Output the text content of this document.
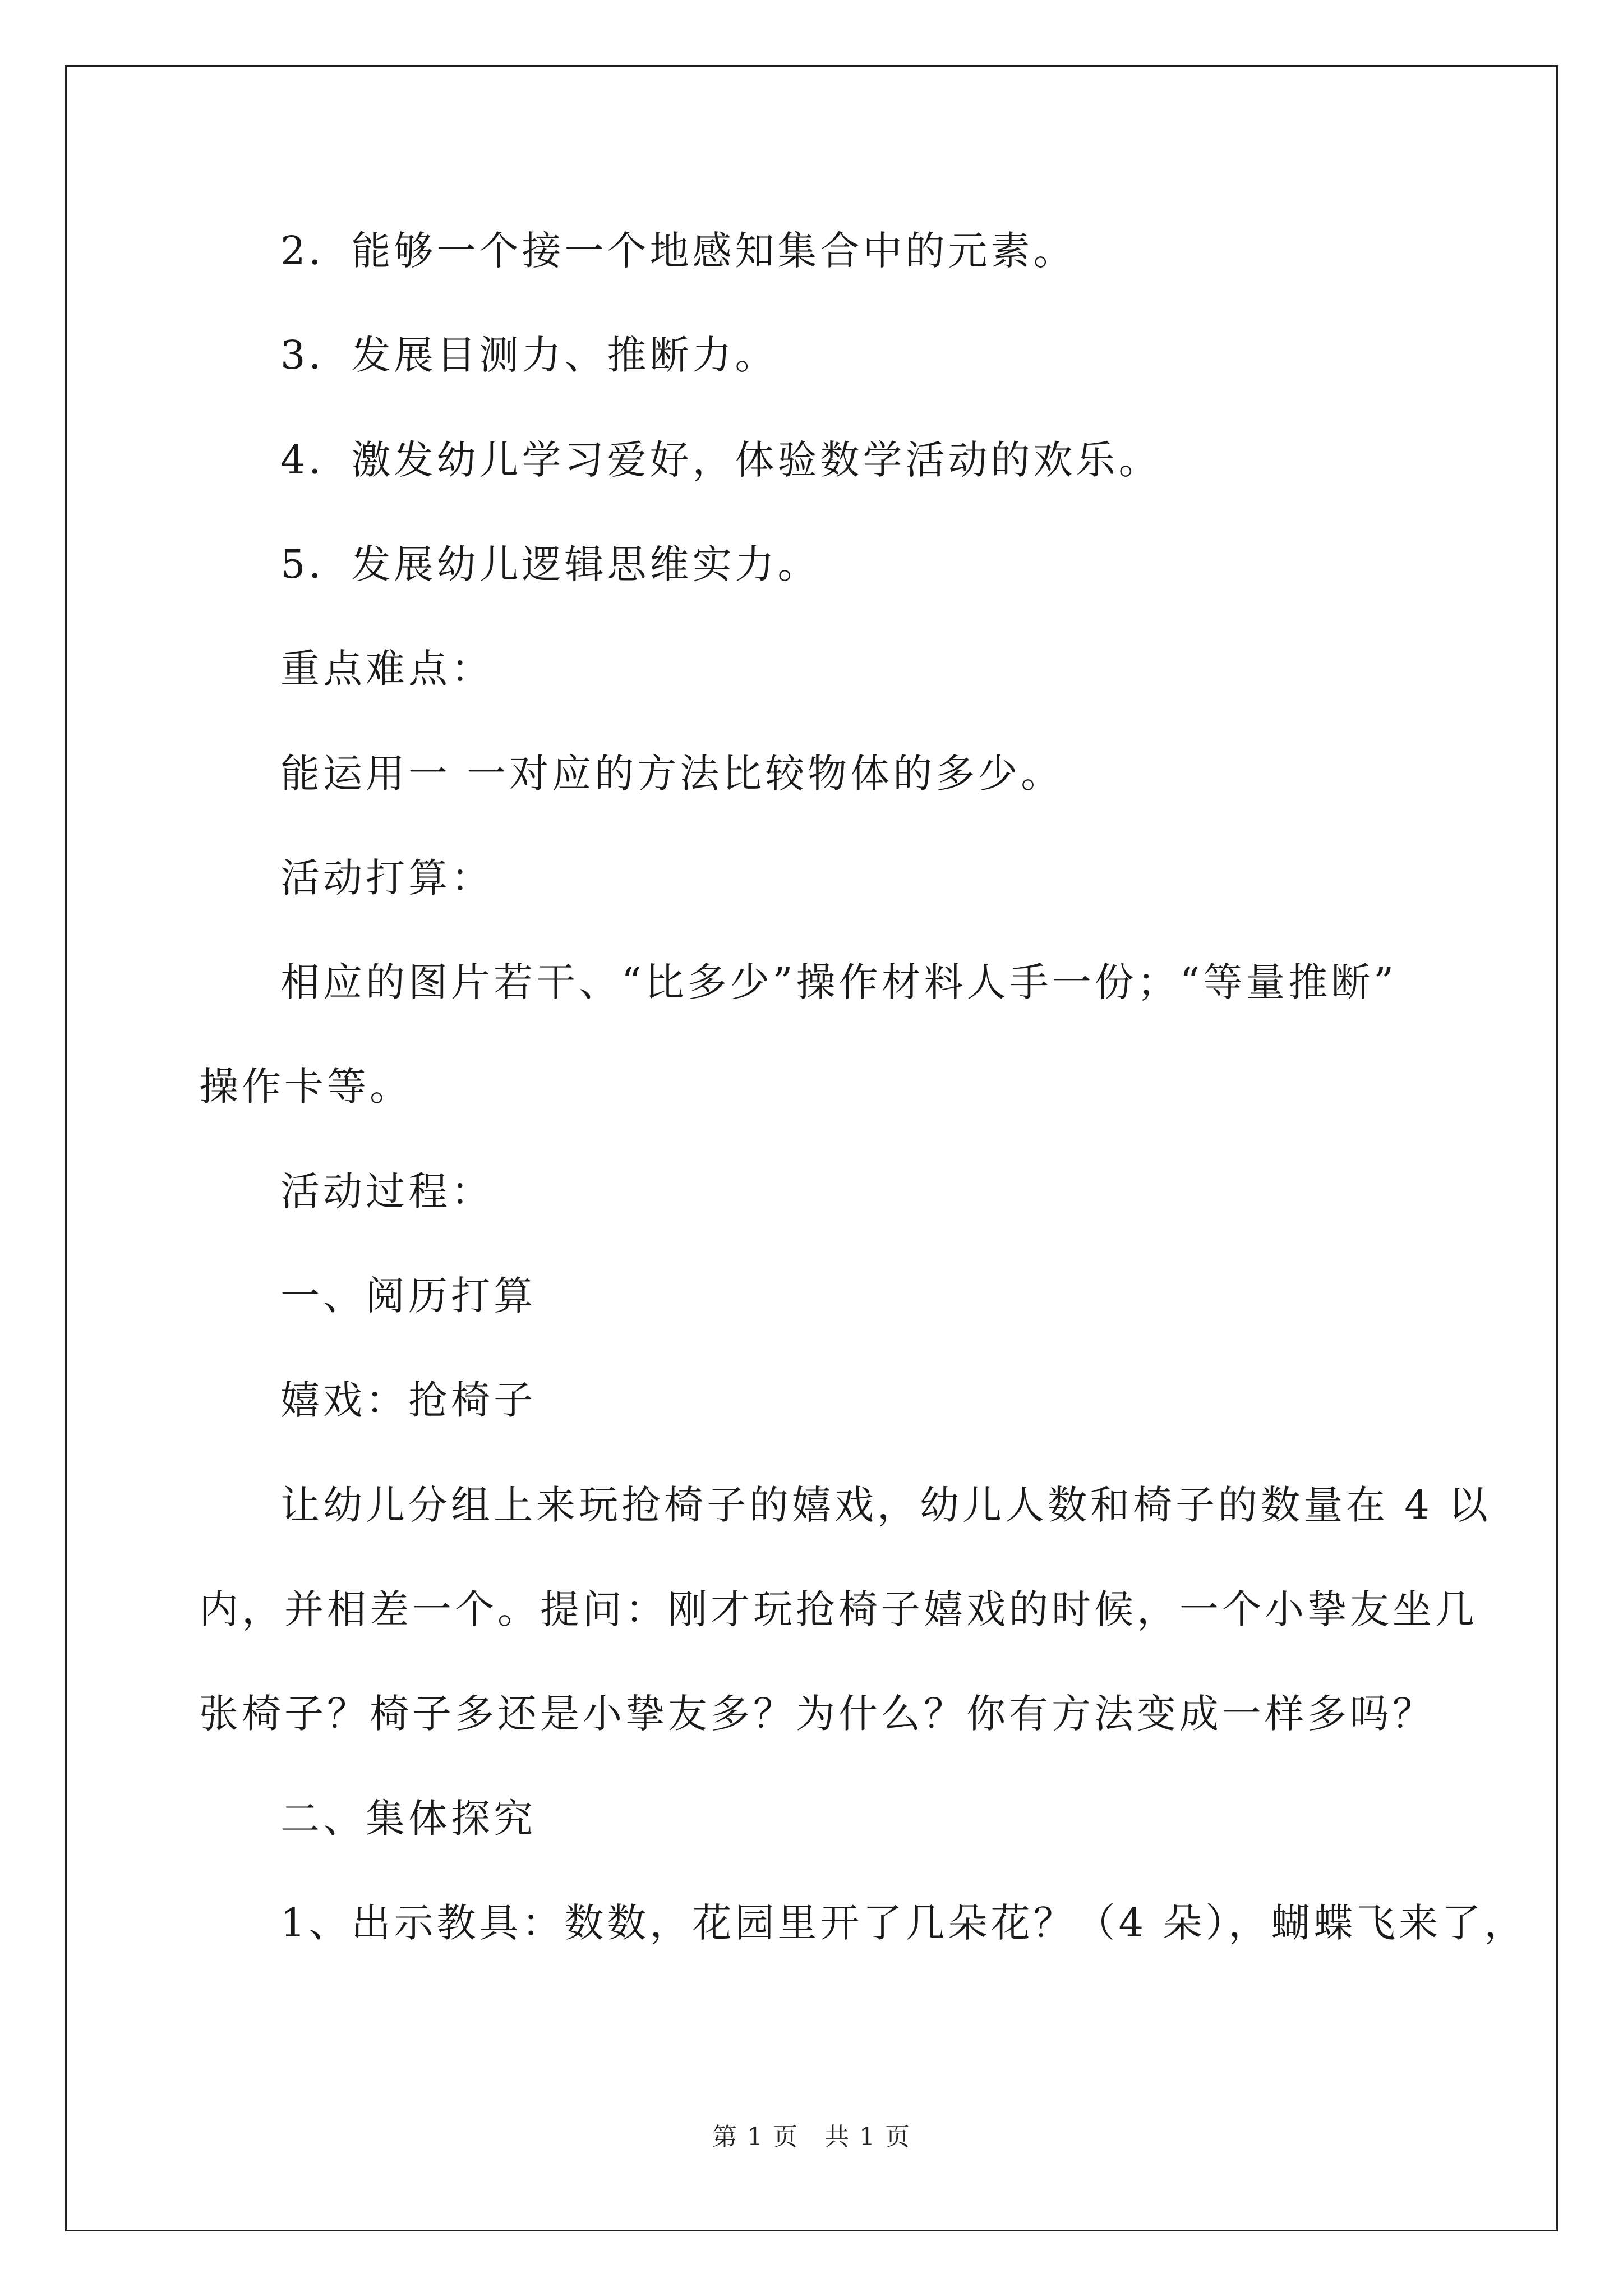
2．能够一个接一个地感知集合中的元素。
3．发展目测力、推断力。
4．激发幼儿学习爱好，体验数学活动的欢乐。
5．发展幼儿逻辑思维实力。
重点难点：
能运用一 一对应的方法比较物体的多少。
活动打算：
相应的图片若干、“比多少”操作材料人手一份；“等量推断”
操作卡等。
活动过程：
一、阅历打算
嬉戏：抢椅子
让幼儿分组上来玩抢椅子的嬉戏，幼儿人数和椅子的数量在 4 以
内，并相差一个。提问：刚才玩抢椅子嬉戏的时候，一个小挚友坐几
张椅子？椅子多还是小挚友多？为什么？你有方法变成一样多吗？
二、集体探究
1、出示教具：数数，花园里开了几朵花？（4 朵），蝴蝶飞来了，
第 1 页　共 1 页
